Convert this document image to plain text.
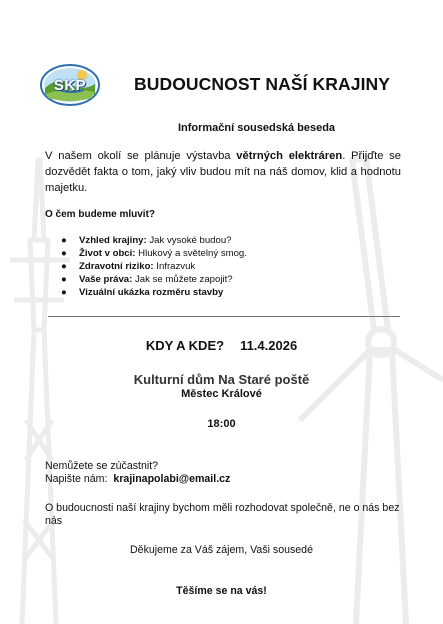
SKP	BUDOUCNOST NAŠÍ KRAJINY
Informační sousedská beseda
V našem okolí se plánuje výstavba větrných elektráren. Přijďte se dozvědět fakta o tom, jaký vliv budou mít na náš domov, klid a hodnotu majetku.
O čem budeme mluvit?
● Vzhled krajiny: Jak vysoké budou?
● Život v obci: Hlukový a světelný smog.
● Zdravotní riziko: Infrazvuk
● Vaše práva: Jak se můžete zapojit?
● Vizuální ukázka rozměru stavby
KDY A KDE? 11.4.2026
Kulturní dům Na Staré poště
Městec Králové
18:00
Nemůžete se zúčastnit?
Napište nám: krajinapolabi@email.cz
O budoucnosti naší krajiny bychom měli rozhodovat společně, ne o nás bez nás
Děkujeme za Váš zájem, Vaši sousedé
Těšíme se na vás!
